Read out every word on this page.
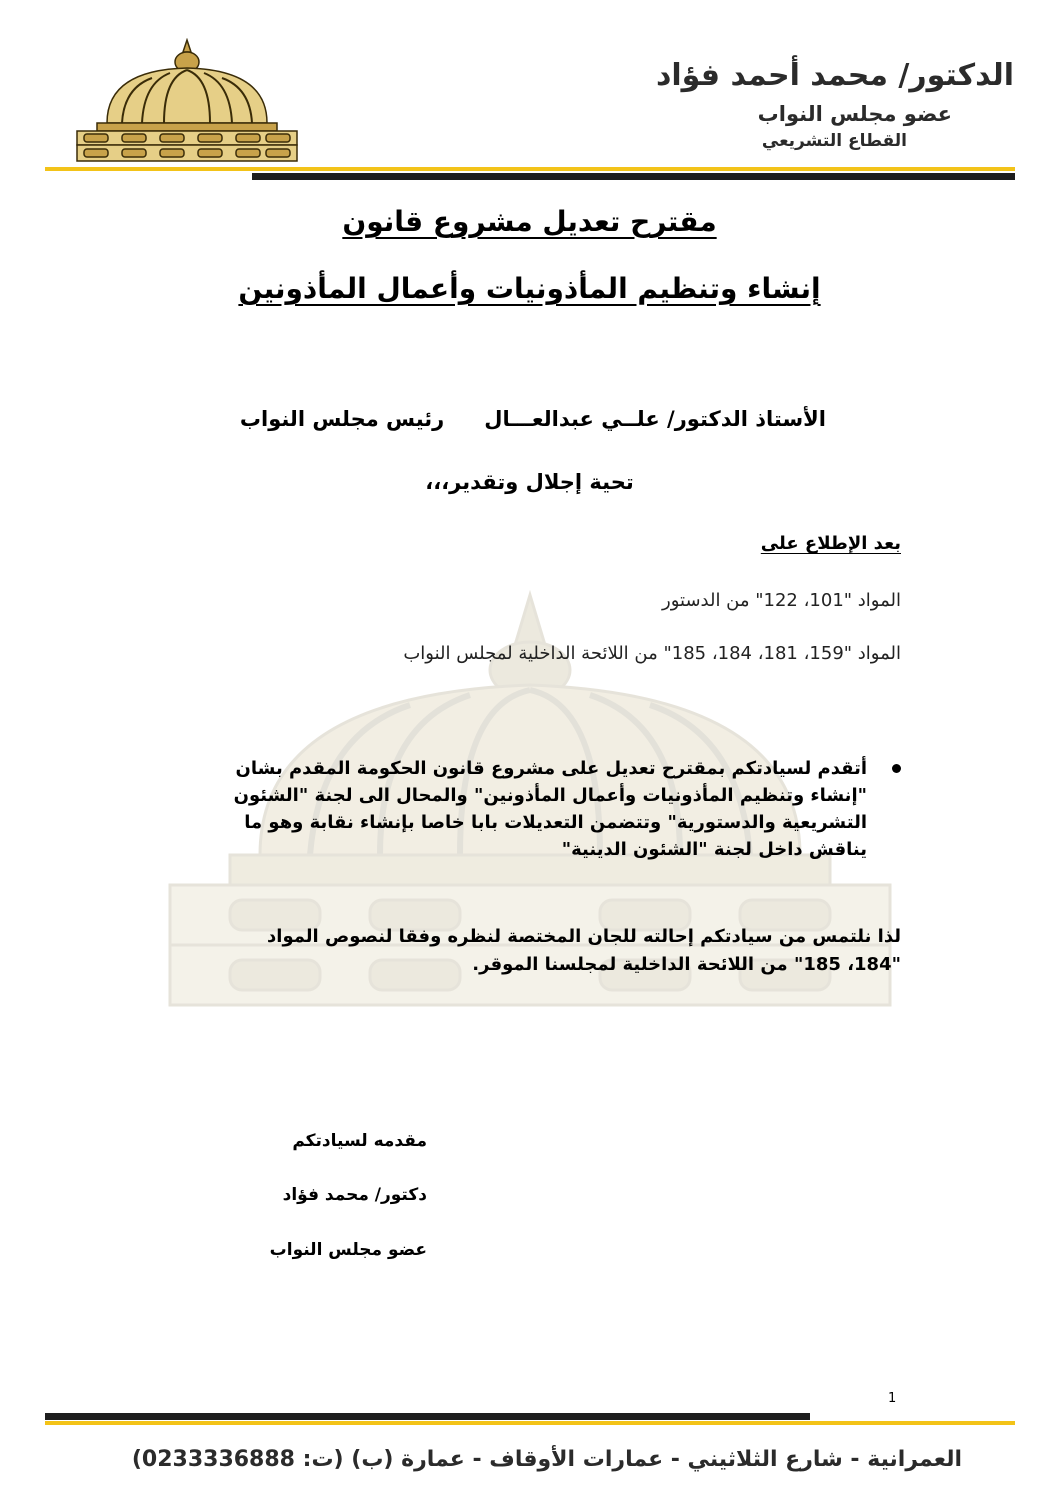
الدكتور/ محمد أحمد فؤاد
عضو مجلس النواب
القطاع التشريعي
مقترح تعديل مشروع قانون
إنشاء وتنظيم المأذونيات وأعمال المأذونين
الأستاذ الدكتور/ علــي عبدالعـــالرئيس مجلس النواب
تحية إجلال وتقدير،،،
بعد الإطلاع على
المواد "101، 122" من الدستور
المواد "159، 181، 184، 185" من اللائحة الداخلية لمجلس النواب
أتقدم لسيادتكم بمقترح تعديل على مشروع قانون الحكومة المقدم بشان "إنشاء وتنظيم المأذونيات وأعمال المأذونين" والمحال الى لجنة "الشئون التشريعية والدستورية" وتتضمن التعديلات بابا خاصا بإنشاء نقابة وهو ما يناقش داخل لجنة "الشئون الدينية"
لذا نلتمس من سيادتكم إحالته للجان المختصة لنظره وفقا لنصوص المواد "184، 185" من اللائحة الداخلية لمجلسنا الموقر.
مقدمه لسيادتكم
دكتور/ محمد فؤاد
عضو مجلس النواب
1
العمرانية - شارع الثلاثيني - عمارات الأوقاف - عمارة (ب) (ت: 0233336888)
